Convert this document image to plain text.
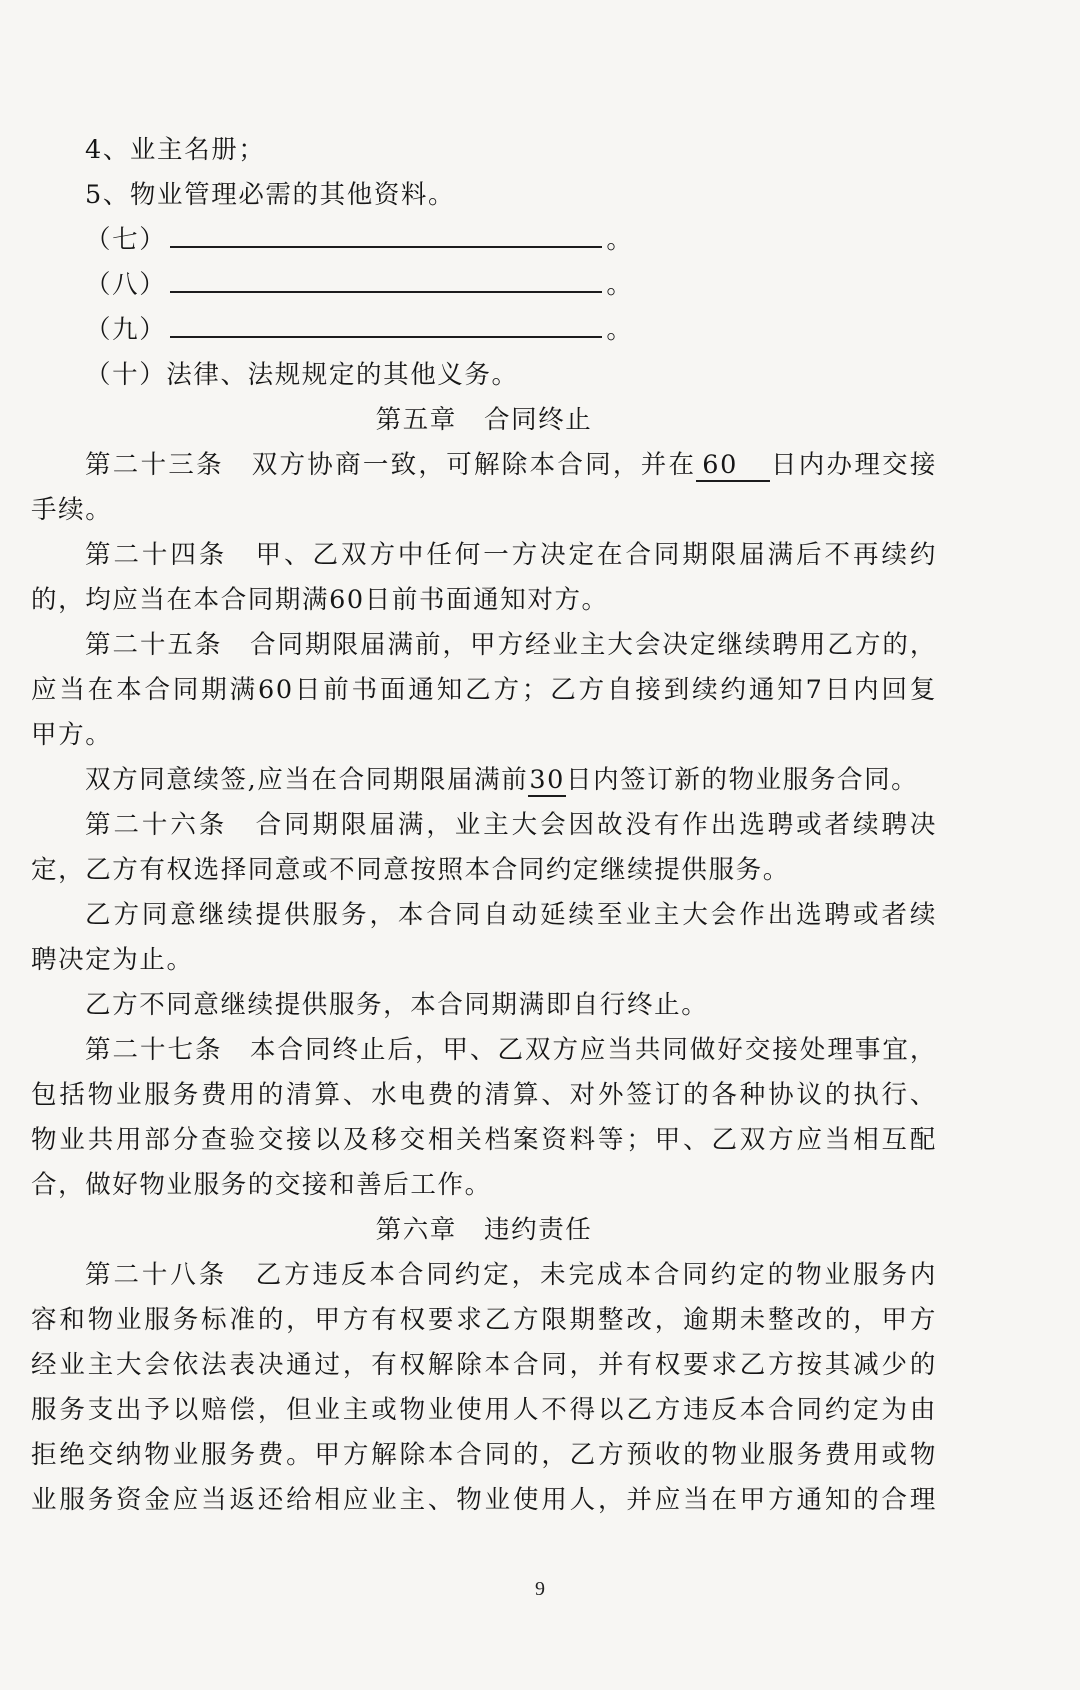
4、业主名册；
5、物业管理必需的其他资料。
（七）	。
（八）	。
（九）	。
（十）法律、法规规定的其他义务。
第五章　合同终止
第二十三条　双方协商一致，可解除本合同，并在 60 日内办理交接
手续。
第二十四条　甲、乙双方中任何一方决定在合同期限届满后不再续约
的，均应当在本合同期满60日前书面通知对方。
第二十五条　合同期限届满前，甲方经业主大会决定继续聘用乙方的，
应当在本合同期满60日前书面通知乙方；乙方自接到续约通知7日内回复
甲方。
双方同意续签,应当在合同期限届满前30日内签订新的物业服务合同。
第二十六条　合同期限届满，业主大会因故没有作出选聘或者续聘决
定，乙方有权选择同意或不同意按照本合同约定继续提供服务。
乙方同意继续提供服务，本合同自动延续至业主大会作出选聘或者续
聘决定为止。
乙方不同意继续提供服务，本合同期满即自行终止。
第二十七条　本合同终止后，甲、乙双方应当共同做好交接处理事宜，
包括物业服务费用的清算、水电费的清算、对外签订的各种协议的执行、
物业共用部分查验交接以及移交相关档案资料等；甲、乙双方应当相互配
合，做好物业服务的交接和善后工作。
第六章　违约责任
第二十八条　乙方违反本合同约定，未完成本合同约定的物业服务内
容和物业服务标准的，甲方有权要求乙方限期整改，逾期未整改的，甲方
经业主大会依法表决通过，有权解除本合同，并有权要求乙方按其减少的
服务支出予以赔偿，但业主或物业使用人不得以乙方违反本合同约定为由
拒绝交纳物业服务费。甲方解除本合同的，乙方预收的物业服务费用或物
业服务资金应当返还给相应业主、物业使用人，并应当在甲方通知的合理
9
